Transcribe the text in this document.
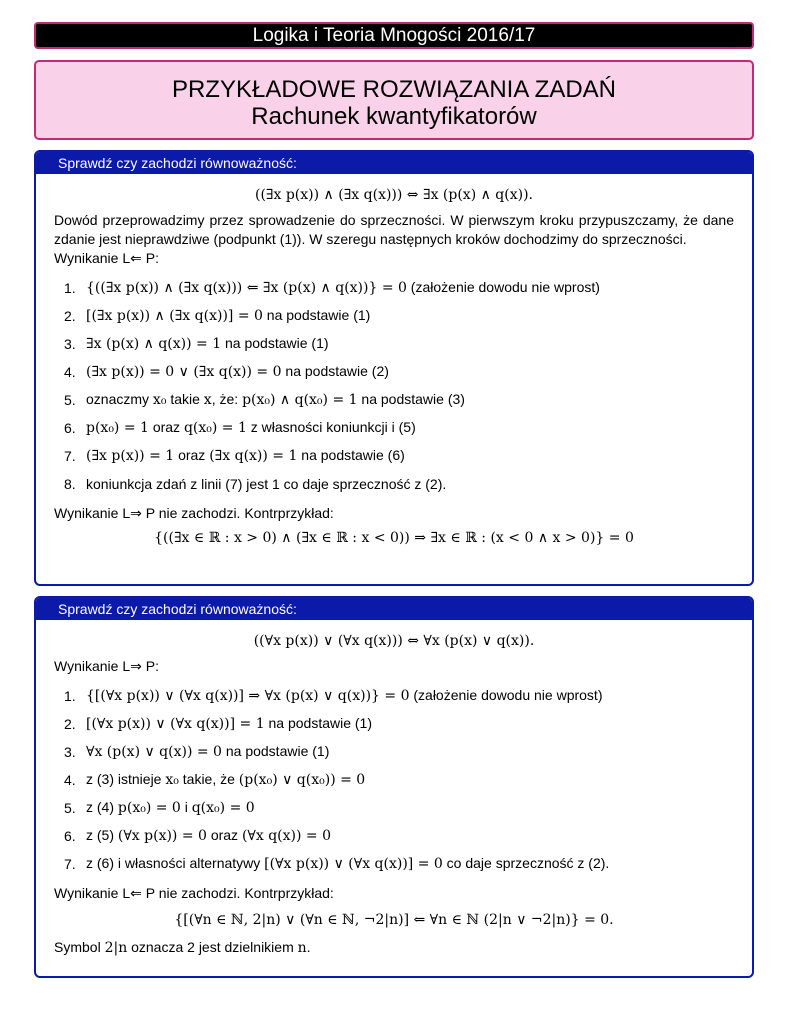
Logika i Teoria Mnogości 2016/17
PRZYKŁADOWE ROZWIĄZANIA ZADAŃ
Rachunek kwantyfikatorów
Sprawdź czy zachodzi równoważność:
((∃x p(x)) ∧ (∃x q(x))) ⇔ ∃x (p(x) ∧ q(x)).

Dowód przeprowadzimy przez sprowadzenie do sprzeczności. W pierwszym kroku przypuszczamy, że dane zdanie jest nieprawdziwe (podpunkt (1)). W szeregu następnych kroków dochodzimy do sprzeczności.

Wynikanie L⇐ P:

1. {((∃x p(x)) ∧ (∃x q(x))) ⇐ ∃x (p(x) ∧ q(x))} = 0 (założenie dowodu nie wprost)
2. [(∃x p(x)) ∧ (∃x q(x))] = 0 na podstawie (1)
3. ∃x (p(x) ∧ q(x)) = 1 na podstawie (1)
4. (∃x p(x)) = 0 ∨ (∃x q(x)) = 0 na podstawie (2)
5. oznaczmy x₀ takie x, że: p(x₀) ∧ q(x₀) = 1 na podstawie (3)
6. p(x₀) = 1 oraz q(x₀) = 1 z własności koniunkcji i (5)
7. (∃x p(x)) = 1 oraz (∃x q(x)) = 1 na podstawie (6)
8. koniunkcja zdań z linii (7) jest 1 co daje sprzeczność z (2).

Wynikanie L⇒ P nie zachodzi. Kontrprzykład:

{((∃x ∈ ℝ : x > 0) ∧ (∃x ∈ ℝ : x < 0)) ⇒ ∃x ∈ ℝ : (x < 0 ∧ x > 0)} = 0
Sprawdź czy zachodzi równoważność:
((∀x p(x)) ∨ (∀x q(x))) ⇔ ∀x (p(x) ∨ q(x)).

Wynikanie L⇒ P:

1. {[(∀x p(x)) ∨ (∀x q(x))] ⇒ ∀x (p(x) ∨ q(x))} = 0 (założenie dowodu nie wprost)
2. [(∀x p(x)) ∨ (∀x q(x))] = 1 na podstawie (1)
3. ∀x (p(x) ∨ q(x)) = 0 na podstawie (1)
4. z (3) istnieje x₀ takie, że (p(x₀) ∨ q(x₀)) = 0
5. z (4) p(x₀) = 0 i q(x₀) = 0
6. z (5) (∀x p(x)) = 0 oraz (∀x q(x)) = 0
7. z (6) i własności alternatywy [(∀x p(x)) ∨ (∀x q(x))] = 0 co daje sprzeczność z (2).

Wynikanie L⇐ P nie zachodzi. Kontrprzykład:

{[(∀n ∈ ℕ, 2|n) ∨ (∀n ∈ ℕ, ¬2|n)] ⇐ ∀n ∈ ℕ (2|n ∨ ¬2|n)} = 0.

Symbol 2|n oznacza 2 jest dzielnikiem n.
